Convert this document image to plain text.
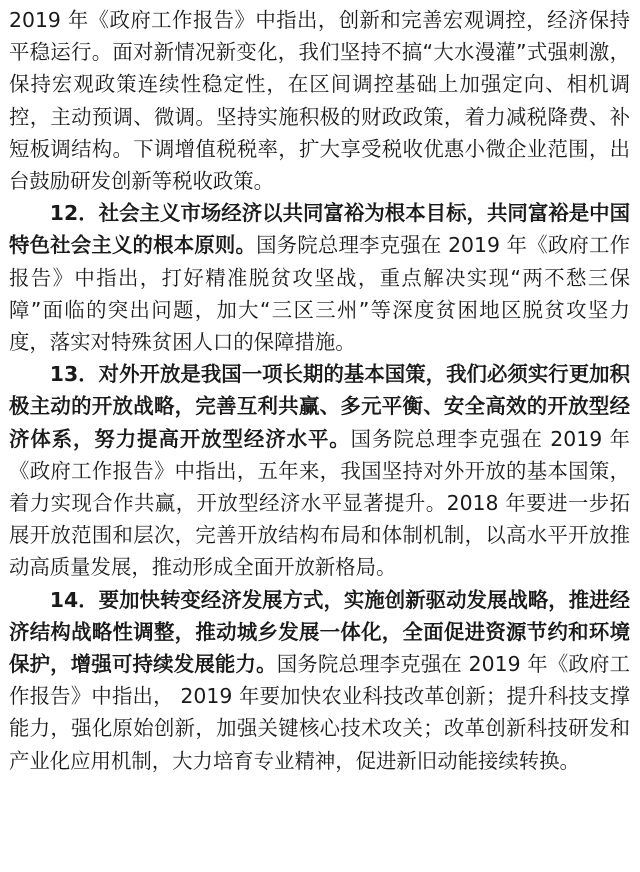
2019 年《政府工作报告》中指出，创新和完善宏观调控，经济保持平稳运行。面对新情况新变化，我们坚持不搞“大水漫灌”式强刺激，保持宏观政策连续性稳定性，在区间调控基础上加强定向、相机调控，主动预调、微调。坚持实施积极的财政政策，着力减税降费、补短板调结构。下调增值税税率，扩大享受税收优惠小微企业范围，出台鼓励研发创新等税收政策。

12．社会主义市场经济以共同富裕为根本目标，共同富裕是中国特色社会主义的根本原则。国务院总理李克强在 2019 年《政府工作报告》中指出，打好精准脱贫攻坚战，重点解决实现“两不愁三保障”面临的突出问题，加大“三区三州”等深度贫困地区脱贫攻坚力度，落实对特殊贫困人口的保障措施。

13．对外开放是我国一项长期的基本国策，我们必须实行更加积极主动的开放战略，完善互利共赢、多元平衡、安全高效的开放型经济体系，努力提高开放型经济水平。国务院总理李克强在 2019 年《政府工作报告》中指出，五年来，我国坚持对外开放的基本国策，着力实现合作共赢，开放型经济水平显著提升。2018 年要进一步拓展开放范围和层次，完善开放结构布局和体制机制，以高水平开放推动高质量发展，推动形成全面开放新格局。

14．要加快转变经济发展方式，实施创新驱动发展战略，推进经济结构战略性调整，推动城乡发展一体化，全面促进资源节约和环境保护，增强可持续发展能力。国务院总理李克强在 2019 年《政府工作报告》中指出， 2019 年要加快农业科技改革创新；提升科技支撑能力，强化原始创新，加强关键核心技术攻关；改革创新科技研发和产业化应用机制，大力培育专业精神，促进新旧动能接续转换。
